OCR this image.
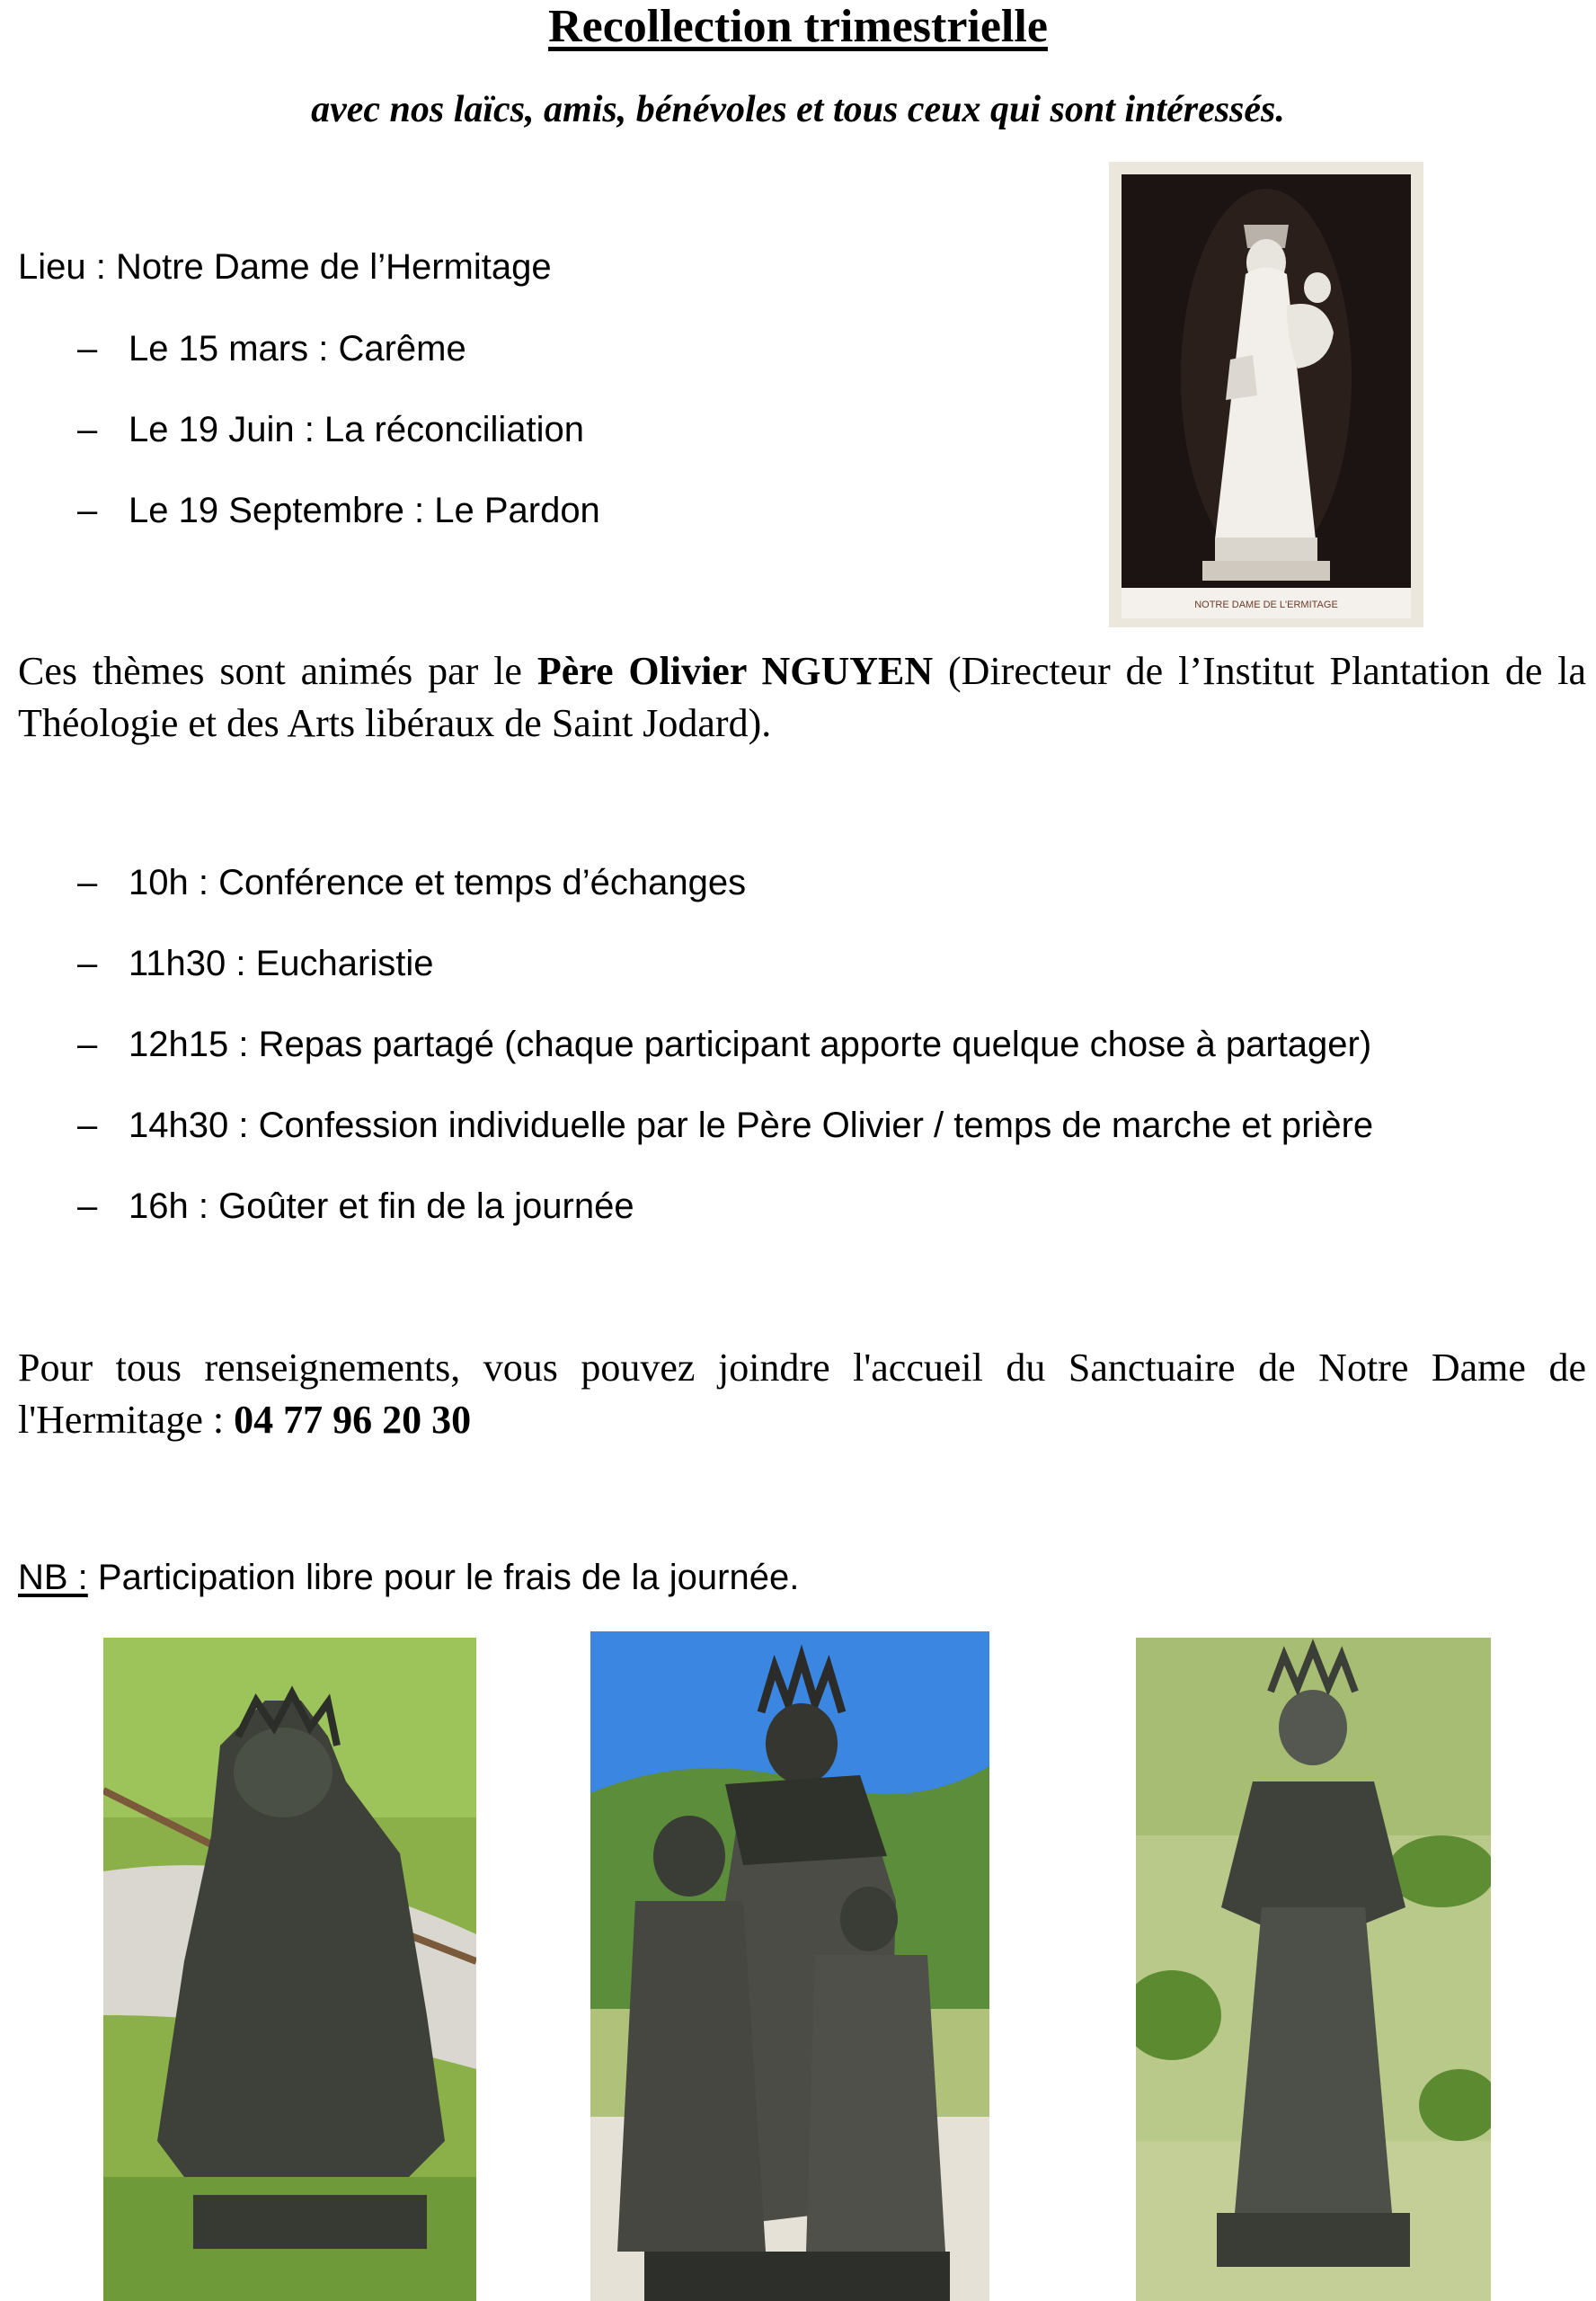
Recollection trimestrielle
avec nos laïcs, amis, bénévoles et tous ceux qui sont intéressés.
Lieu : Notre Dame de l’Hermitage
– Le 15 mars : Carême
– Le 19 Juin : La réconciliation
– Le 19 Septembre : Le Pardon
NOTRE DAME DE L'ERMITAGE
Ces thèmes sont animés par le Père Olivier NGUYEN (Directeur de l’Institut Plantation de la Théologie et des Arts libéraux de Saint Jodard).
– 10h : Conférence et temps d’échanges
– 11h30 : Eucharistie
– 12h15 : Repas partagé (chaque participant apporte quelque chose à partager)
– 14h30 : Confession individuelle par le Père Olivier / temps de marche et prière
– 16h : Goûter et fin de la journée
Pour tous renseignements, vous pouvez joindre l'accueil du Sanctuaire de Notre Dame de l'Hermitage : 04 77 96 20 30
NB : Participation libre pour le frais de la journée.
